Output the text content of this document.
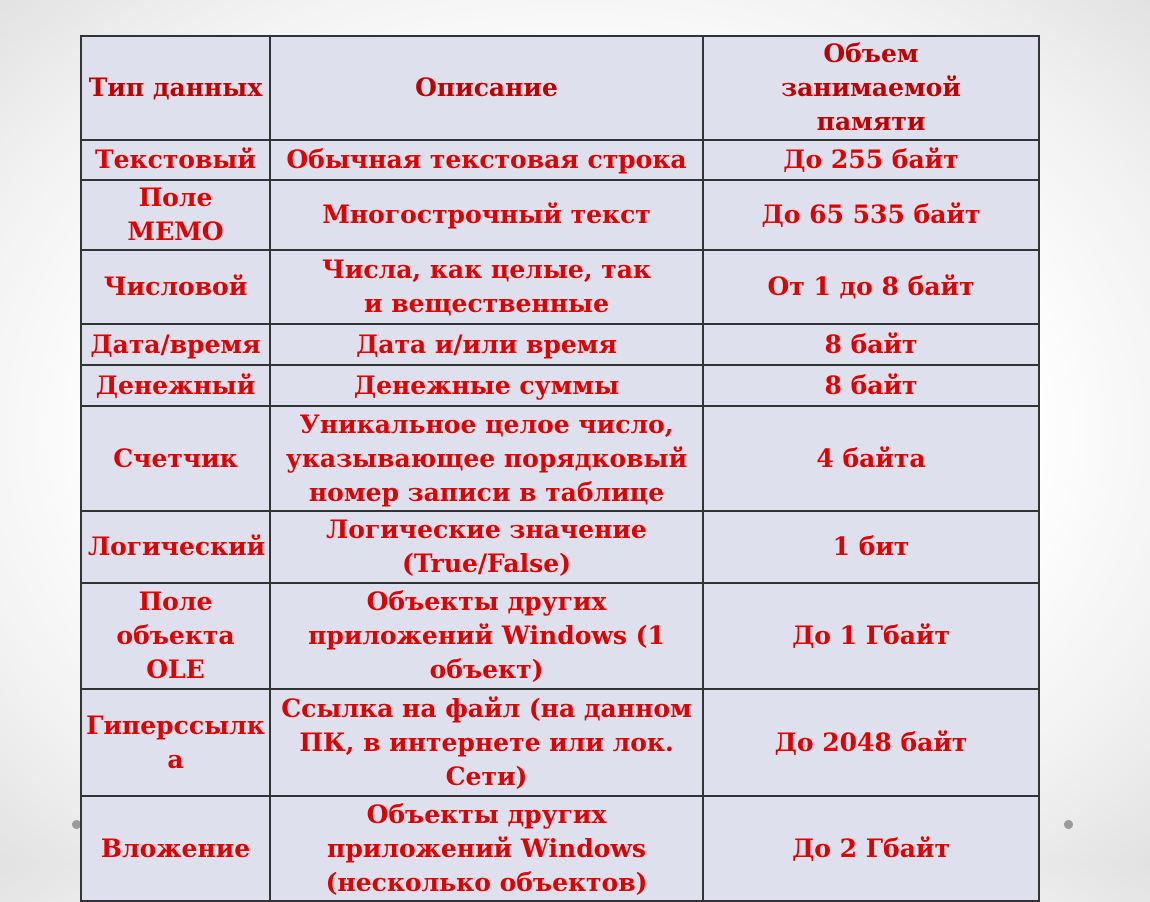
Тип данных	Описание	Объем занимаемой памяти
Текстовый	Обычная текстовая строка	До 255 байт
Поле МЕМО	Многострочный текст	До 65 535 байт
Числовой	Числа, как целые, так и вещественные	От 1 до 8 байт
Дата/время	Дата и/или время	8 байт
Денежный	Денежные суммы	8 байт
Счетчик	Уникальное целое число, указывающее порядковый номер записи в таблице	4 байта
Логический	Логические значение (True/False)	1 бит
Поле объекта OLE	Объекты других приложений Windows (1 объект)	До 1 Гбайт
Гиперссылка	Ссылка на файл (на данном ПК, в интернете или лок. Сети)	До 2048 байт
Вложение	Объекты других приложений Windows (несколько объектов)	До 2 Гбайт
